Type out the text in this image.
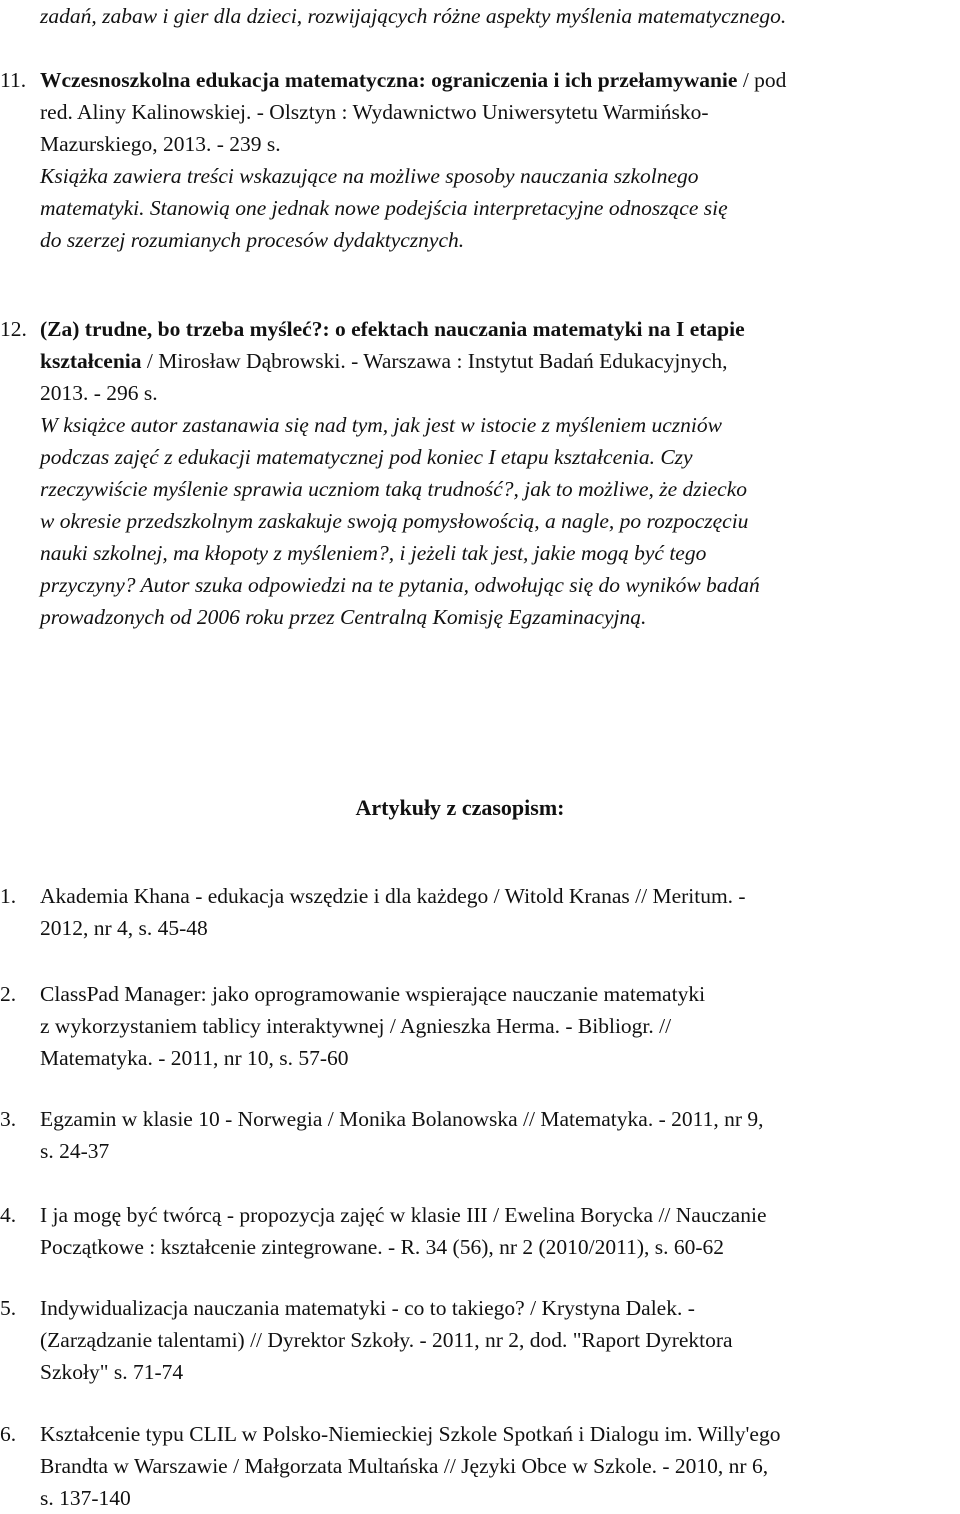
zadań, zabaw i gier dla dzieci, rozwijających różne aspekty myślenia matematycznego.
11. Wczesnoszkolna edukacja matematyczna: ograniczenia i ich przełamywanie / pod
red. Aliny Kalinowskiej. - Olsztyn : Wydawnictwo Uniwersytetu Warmińsko-
Mazurskiego, 2013. - 239 s.
Książka zawiera treści wskazujące na możliwe sposoby nauczania szkolnego
matematyki. Stanowią one jednak nowe podejścia interpretacyjne odnoszące się
do szerzej rozumianych procesów dydaktycznych.
12. (Za) trudne, bo trzeba myśleć?: o efektach nauczania matematyki na I etapie
kształcenia / Mirosław Dąbrowski. - Warszawa : Instytut Badań Edukacyjnych,
2013. - 296 s.
W książce autor zastanawia się nad tym, jak jest w istocie z myśleniem uczniów
podczas zajęć z edukacji matematycznej pod koniec I etapu kształcenia. Czy
rzeczywiście myślenie sprawia uczniom taką trudność?, jak to możliwe, że dziecko
w okresie przedszkolnym zaskakuje swoją pomysłowością, a nagle, po rozpoczęciu
nauki szkolnej, ma kłopoty z myśleniem?, i jeżeli tak jest, jakie mogą być tego
przyczyny? Autor szuka odpowiedzi na te pytania, odwołując się do wyników badań
prowadzonych od 2006 roku przez Centralną Komisję Egzaminacyjną.
Artykuły z czasopism:
1. Akademia Khana - edukacja wszędzie i dla każdego / Witold Kranas // Meritum. -
2012, nr 4, s. 45-48
2. ClassPad Manager: jako oprogramowanie wspierające nauczanie matematyki
z wykorzystaniem tablicy interaktywnej / Agnieszka Herma. - Bibliogr. //
Matematyka. - 2011, nr 10, s. 57-60
3. Egzamin w klasie 10 - Norwegia / Monika Bolanowska // Matematyka. - 2011, nr 9,
s. 24-37
4. I ja mogę być twórcą - propozycja zajęć w klasie III / Ewelina Borycka // Nauczanie
Początkowe : kształcenie zintegrowane. - R. 34 (56), nr 2 (2010/2011), s. 60-62
5. Indywidualizacja nauczania matematyki - co to takiego? / Krystyna Dalek. -
(Zarządzanie talentami) // Dyrektor Szkoły. - 2011, nr 2, dod. "Raport Dyrektora
Szkoły" s. 71-74
6. Kształcenie typu CLIL w Polsko-Niemieckiej Szkole Spotkań i Dialogu im. Willy'ego
Brandta w Warszawie / Małgorzata Multańska // Języki Obce w Szkole. - 2010, nr 6,
s. 137-140
